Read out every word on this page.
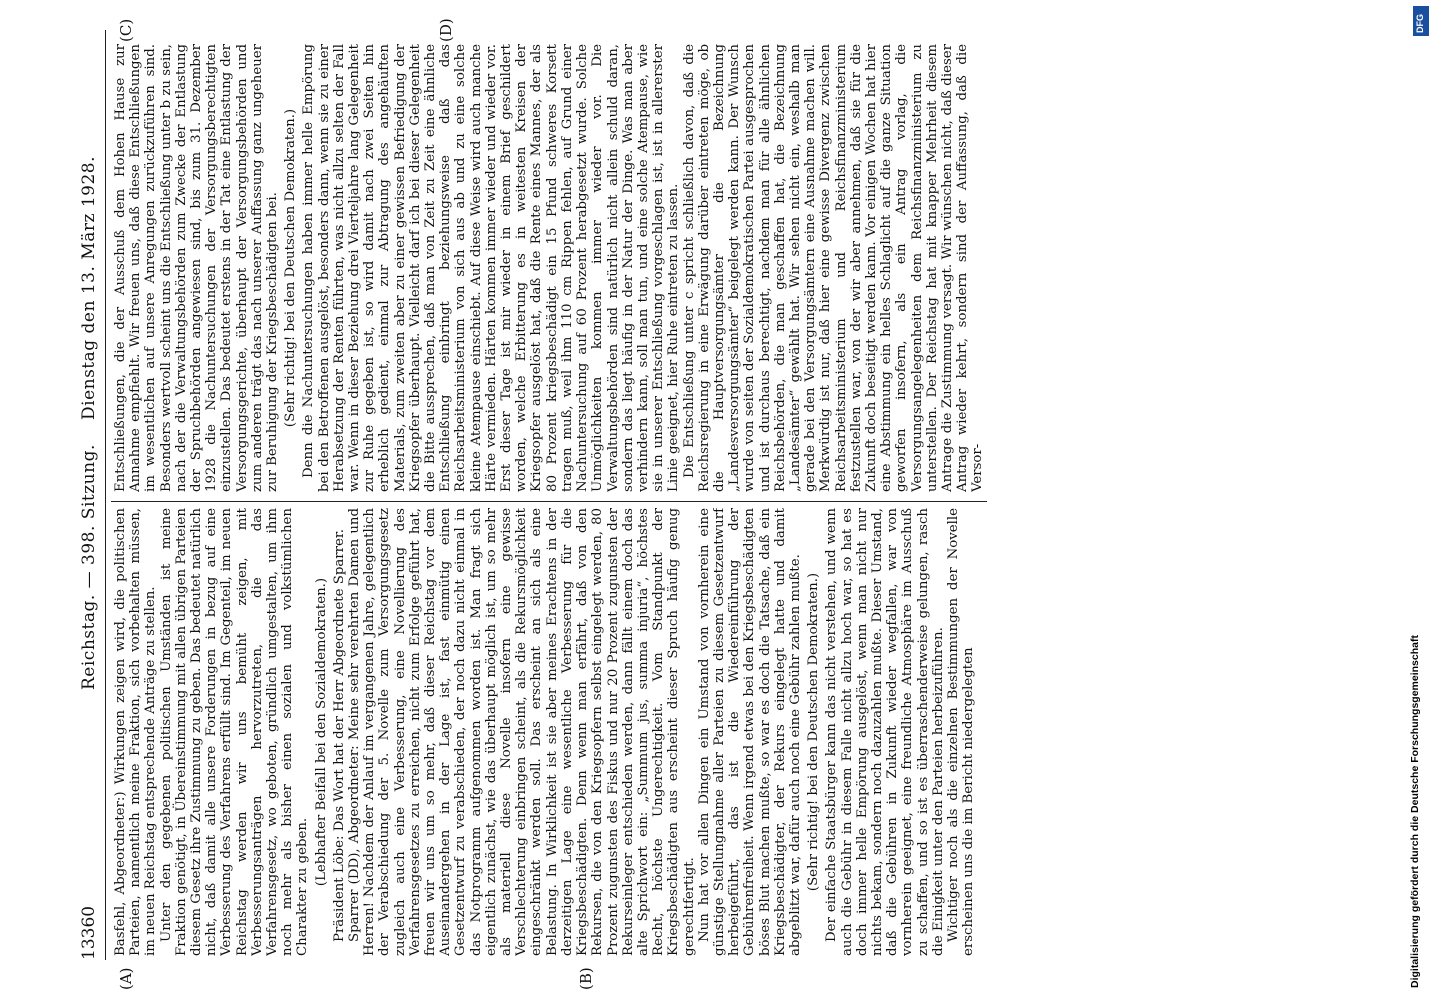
13360
Reichstag. — 398. Sitzung.
Dienstag den 13. März 1928.
(A)	(B)
(C)	(D)

Basfehl, Abgeordneter:) Wirkungen zeigen wird, die politischen Parteien, namentlich meine Fraktion, sich vorbehalten müssen, im neuen Reichstag entsprechende Anträge zu stellen. Unter den gegebenen politischen Umständen ist meine Fraktion genötigt, in Übereinstimmung mit allen übrigen Parteien diesem Gesetz ihre Zustimmung zu geben. Das bedeutet natürlich nicht, daß damit alle unsere Forderungen in bezug auf eine Verbesserung des Verfahrens erfüllt sind. Im Gegenteil, im neuen Reichstag werden wir uns bemüht zeigen, mit Verbesserungsanträgen hervorzutreten, die das Verfahrensgesetz, wo geboten, gründlich umgestalten, um ihm noch mehr als bisher einen sozialen und volkstümlichen Charakter zu geben.

(Lebhafter Beifall bei den Sozialdemokraten.) Präsident Löbe: Das Wort hat der Herr Abgeordnete Sparrer. Sparrer (DD), Abgeordneter: Meine sehr verehrten Damen und Herren! Nachdem der Anlauf im vergangenen Jahre, gelegentlich der Verabschiedung der 5. Novelle zum Versorgungsgesetz zugleich auch eine Verbesserung, eine Novellierung des Verfahrensgesetzes zu erreichen, nicht zum Erfolge geführt hat, freuen wir uns um so mehr, daß dieser Reichstag vor dem Auseinandergehen in der Lage ist, fast einmütig einen Gesetzentwurf zu verabschieden, der noch dazu nicht einmal in das Notprogramm aufgenommen worden ist. Man fragt sich eigentlich zunächst, wie das überhaupt möglich ist, um so mehr als materiell diese Novelle insofern eine gewisse Verschlechterung einbringen scheint, als die Rekursmöglichkeit eingeschränkt werden soll. Das erscheint an sich als eine Belastung. In Wirklichkeit ist sie aber meines Erachtens in der derzeitigen Lage eine wesentliche Verbesserung für die Kriegsbeschädigten. Denn wenn man erfährt, daß von den Rekursen, die von den Kriegsopfern selbst eingelegt werden, 80 Prozent zugunsten des Fiskus und nur 20 Prozent zugunsten der Rekurseinleger entschieden werden, dann fällt einem doch das alte Sprichwort ein: „Summum jus, summa injuria“, höchstes Recht, höchste Ungerechtigkeit. Vom Standpunkt der Kriegsbeschädigten aus erscheint dieser Spruch häufig genug gerechtfertigt. Nun hat vor allen Dingen ein Umstand von vornherein eine günstige Stellungnahme aller Parteien zu diesem Gesetzentwurf herbeigeführt, das ist die Wiedereinführung der Gebührenfreiheit. Wenn irgend etwas bei den Kriegsbeschädigten böses Blut machen mußte, so war es doch die Tatsache, daß ein Kriegsbeschädigter, der Rekurs eingelegt hatte und damit abgeblitzt war, dafür auch noch eine Gebühr zahlen mußte. (Sehr richtig! bei den Deutschen Demokraten.) Der einfache Staatsbürger kann das nicht verstehen, und wenn auch die Gebühr in diesem Falle nicht allzu hoch war, so hat es doch immer helle Empörung ausgelöst, wenn man nicht nur nichts bekam, sondern noch dazuzahlen mußte. Dieser Umstand, daß die Gebühren in Zukunft wieder wegfallen, war von vornherein geeignet, eine freundliche Atmosphäre im Ausschuß zu schaffen, und so ist es überraschenderweise gelungen, rasch die Einigkeit unter den Parteien herbeizuführen. Wichtiger noch als die einzelnen Bestimmungen der Novelle erscheinen uns die im Bericht niedergelegten

Entschließungen, die der Ausschuß dem Hohen Hause zur Annahme empfiehlt. Wir freuen uns, daß diese Entschließungen im wesentlichen auf unsere Anregungen zurückzuführen sind. Besonders wertvoll scheint uns die Entschließung unter b zu sein, nach der die Verwaltungsbehörden zum Zwecke der Entlastung der Spruchbehörden angewiesen sind, bis zum 31. Dezember 1928 die Nachuntersuchungen der Versorgungsberechtigten einzustellen. Das bedeutet erstens in der Tat eine Entlastung der Versorgungsgerichte, überhaupt der Versorgungsbehörden und zum anderen trägt das nach unserer Auffassung ganz ungeheuer zur Beruhigung der Kriegsbeschädigten bei. (Sehr richtig! bei den Deutschen Demokraten.) Denn die Nachuntersuchungen haben immer helle Empörung bei den Betroffenen ausgelöst, besonders dann, wenn sie zu einer Herabsetzung der Renten führten, was nicht allzu selten der Fall war. Wenn in dieser Beziehung drei Vierteljahre lang Gelegenheit zur Ruhe gegeben ist, so wird damit nach zwei Seiten hin erheblich gedient, einmal zur Abtragung des angehäuften Materials, zum zweiten aber zu einer gewissen Befriedigung der Kriegsopfer überhaupt. Vielleicht darf ich bei dieser Gelegenheit die Bitte aussprechen, daß man von Zeit zu Zeit eine ähnliche Entschließung einbringt beziehungsweise daß das Reichsarbeitsministerium von sich aus ab und zu eine solche kleine Atempause einschiebt. Auf diese Weise wird auch manche Härte vermieden. Härten kommen immer wieder und wieder vor. Erst dieser Tage ist mir wieder in einem Brief geschildert worden, welche Erbitterung es in weitesten Kreisen der Kriegsopfer ausgelöst hat, daß die Rente eines Mannes, der als 80 Prozent kriegsbeschädigt ein 15 Pfund schweres Korsett tragen muß, weil ihm 110 cm Rippen fehlen, auf Grund einer Nachuntersuchung auf 60 Prozent herabgesetzt wurde. Solche Unmöglichkeiten kommen immer wieder vor. Die Verwaltungsbehörden sind natürlich nicht allein schuld daran, sondern das liegt häufig in der Natur der Dinge. Was man aber verhindern kann, soll man tun, und eine solche Atempause, wie sie in unserer Entschließung vorgeschlagen ist, ist in allererster Linie geeignet, hier Ruhe eintreten zu lassen. Die Entschließung unter c spricht schließlich davon, daß die Reichsregierung in eine Erwägung darüber eintreten möge, ob die Hauptversorgungsämter die Bezeichnung „Landesversorgungsämter“ beigelegt werden kann. Der Wunsch wurde von seiten der Sozialdemokratischen Partei ausgesprochen und ist durchaus berechtigt, nachdem man für alle ähnlichen Reichsbehörden, die man geschaffen hat, die Bezeichnung „Landesämter“ gewählt hat. Wir sehen nicht ein, weshalb man gerade bei den Versorgungsämtern eine Ausnahme machen will. Merkwürdig ist nur, daß hier eine gewisse Divergenz zwischen Reichsarbeitsministerium und Reichsfinanzministerium festzustellen war, von der wir aber annehmen, daß sie für die Zukunft doch beseitigt werden kann. Vor einigen Wochen hat hier eine Abstimmung ein helles Schlaglicht auf die ganze Situation geworfen insofern, als ein Antrag vorlag, die Versorgungsangelegenheiten dem Reichsfinanzministerium zu unterstellen. Der Reichstag hat mit knapper Mehrheit diesem Antrage die Zustimmung versagt. Wir wünschen nicht, daß dieser Antrag wieder kehrt, sondern sind der Auffassung, daß die Versor-

Digitalisierung gefördert durch die Deutsche Forschungsgemeinschaft
DFG
